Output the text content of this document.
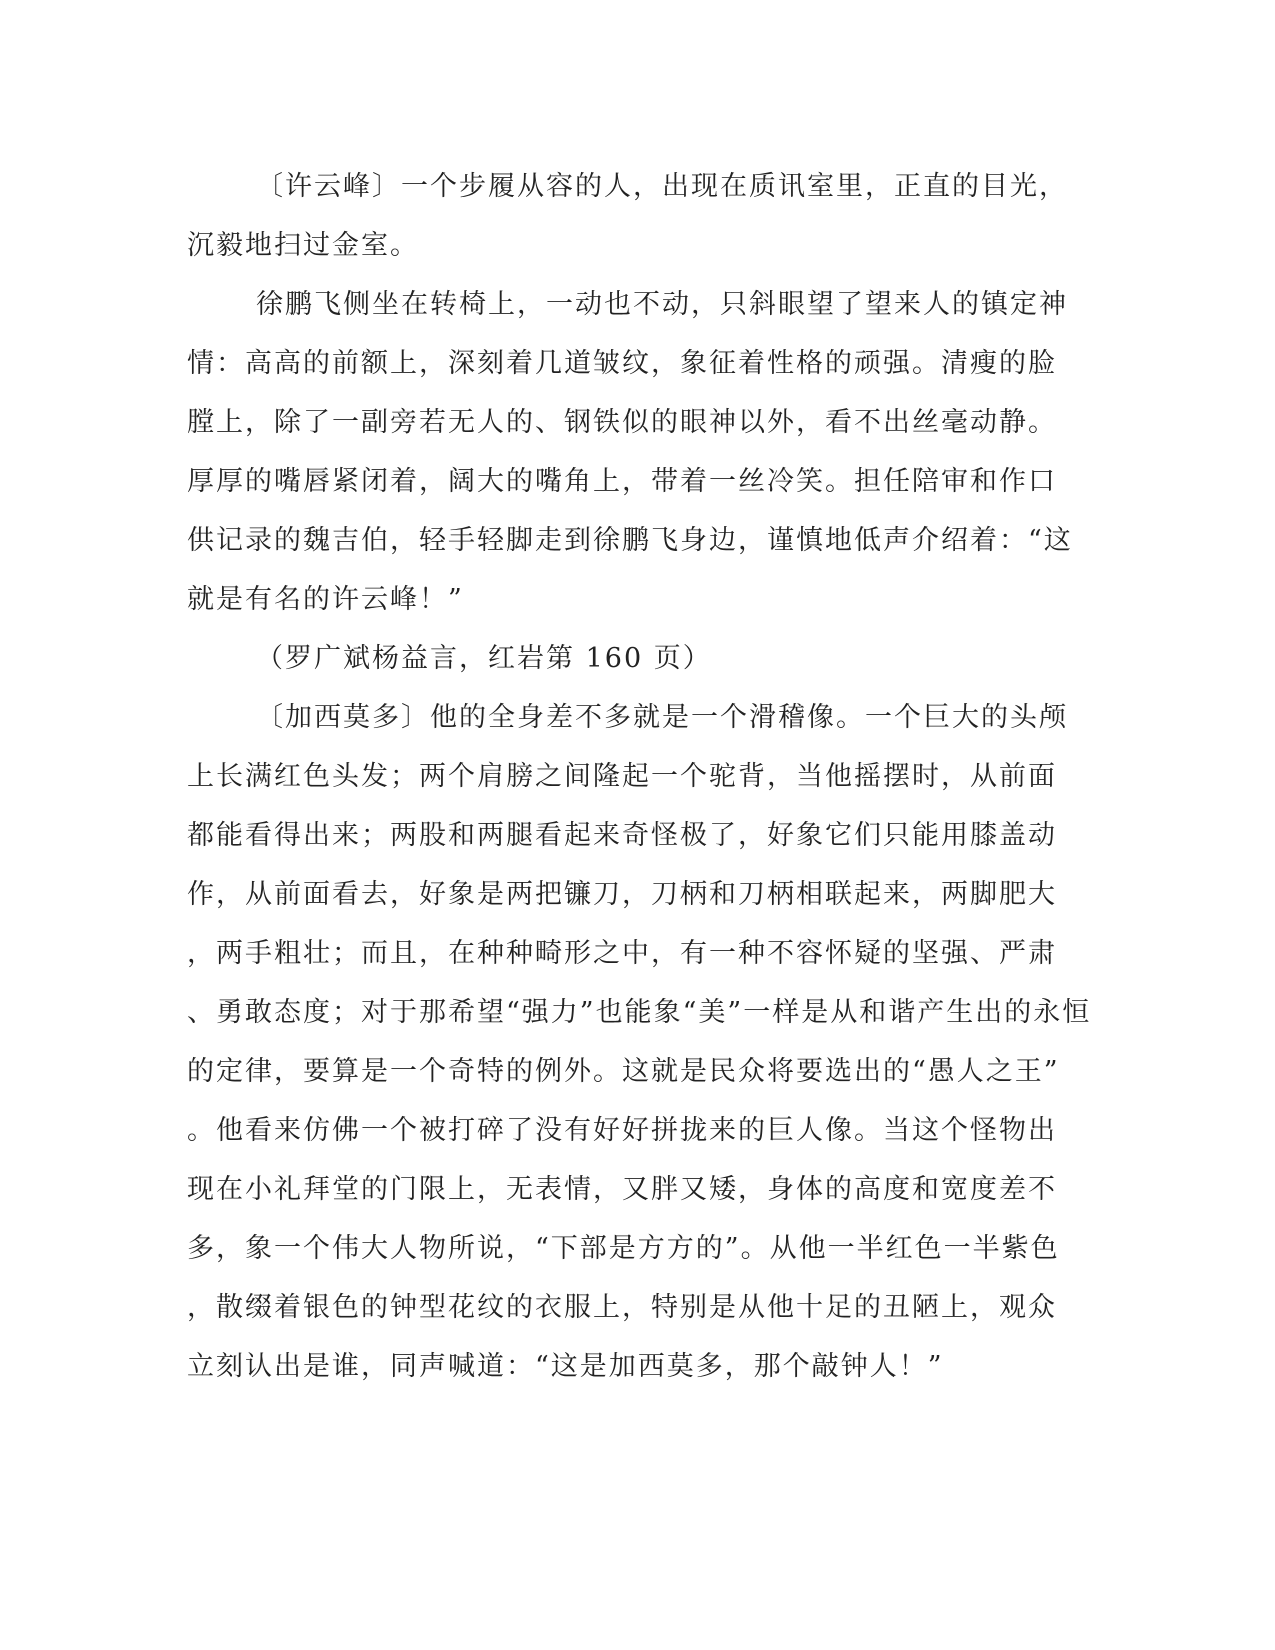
〔许云峰〕一个步履从容的人，出现在质讯室里，正直的目光，
沉毅地扫过金室。
徐鹏飞侧坐在转椅上，一动也不动，只斜眼望了望来人的镇定神
情：高高的前额上，深刻着几道皱纹，象征着性格的顽强。清瘦的脸
膛上，除了一副旁若无人的、钢铁似的眼神以外，看不出丝毫动静。
厚厚的嘴唇紧闭着，阔大的嘴角上，带着一丝冷笑。担任陪审和作口
供记录的魏吉伯，轻手轻脚走到徐鹏飞身边，谨慎地低声介绍着：“这
就是有名的许云峰！”
（罗广斌杨益言，红岩第 160 页）
〔加西莫多〕他的全身差不多就是一个滑稽像。一个巨大的头颅
上长满红色头发；两个肩膀之间隆起一个驼背，当他摇摆时，从前面
都能看得出来；两股和两腿看起来奇怪极了，好象它们只能用膝盖动
作，从前面看去，好象是两把镰刀，刀柄和刀柄相联起来，两脚肥大
，两手粗壮；而且，在种种畸形之中，有一种不容怀疑的坚强、严肃
、勇敢态度；对于那希望“强力”也能象“美”一样是从和谐产生出的永恒
的定律，要算是一个奇特的例外。这就是民众将要选出的“愚人之王”
。他看来仿佛一个被打碎了没有好好拼拢来的巨人像。当这个怪物出
现在小礼拜堂的门限上，无表情，又胖又矮，身体的高度和宽度差不
多，象一个伟大人物所说，“下部是方方的”。从他一半红色一半紫色
，散缀着银色的钟型花纹的衣服上，特别是从他十足的丑陋上，观众
立刻认出是谁，同声喊道：“这是加西莫多，那个敲钟人！”
